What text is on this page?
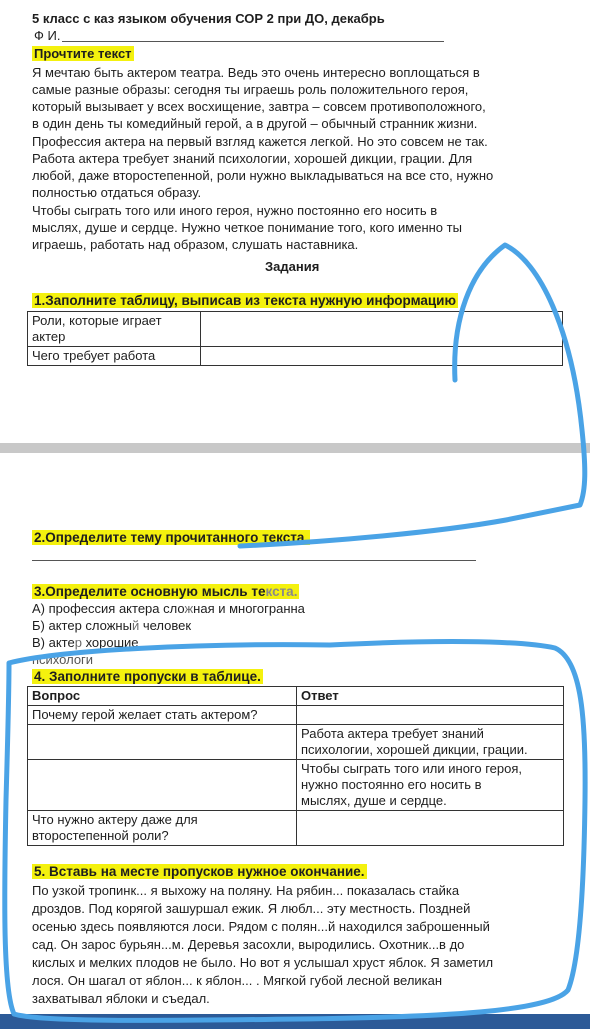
5 класс с каз языком обучения СОР 2 при ДО, декабрь
Ф И.
Прочтите текст
Я мечтаю быть актером театра. Ведь это очень интересно воплощаться в
самые разные образы: сегодня ты играешь роль положительного героя,
который вызывает у всех восхищение, завтра – совсем противоположного,
в один день ты комедийный герой, а в другой – обычный странник жизни.
Профессия актера на первый взгляд кажется легкой. Но это совсем не так.
Работа актера требует знаний психологии, хорошей дикции, грации. Для
любой, даже второстепенной, роли нужно выкладываться на все сто, нужно
полностью отдаться образу.
Чтобы сыграть того или иного героя, нужно постоянно его носить в
мыслях, душе и сердце. Нужно четкое понимание того, кого именно ты
играешь, работать над образом, слушать наставника.
Задания
1.Заполните таблицу, выписав из текста нужную информацию
Роли, которые играет
актер	

Чего требует работа	
2.Определите тему прочитанного текста.
3.Определите основную мысль текста.
А) профессия актера сложная и многогранна
Б) актер сложный человек
В) актер хорошие
психологи
4. Заполните пропуски в таблице.
Вопрос	Ответ

Почему герой желает стать актером?	

	Работа актера требует знаний
психологии, хорошей дикции, грации.

	Чтобы сыграть того или иного героя,
нужно постоянно его носить в
мыслях, душе и сердце.

Что нужно актеру даже для
второстепенной роли?	

5. Вставь на месте пропусков нужное окончание.
По узкой тропинк... я выхожу на поляну. На рябин... показалась стайка
дроздов. Под корягой зашуршал ежик. Я любл... эту местность. Поздней
осенью здесь появляются лоси. Рядом с полян...й находился заброшенный
сад. Он зарос бурьян...м. Деревья засохли, выродились. Охотник...в до
кислых и мелких плодов не было. Но вот я услышал хруст яблок. Я заметил
лося. Он шагал от яблон... к яблон... . Мягкой губой лесной великан
захватывал яблоки и съедал.
